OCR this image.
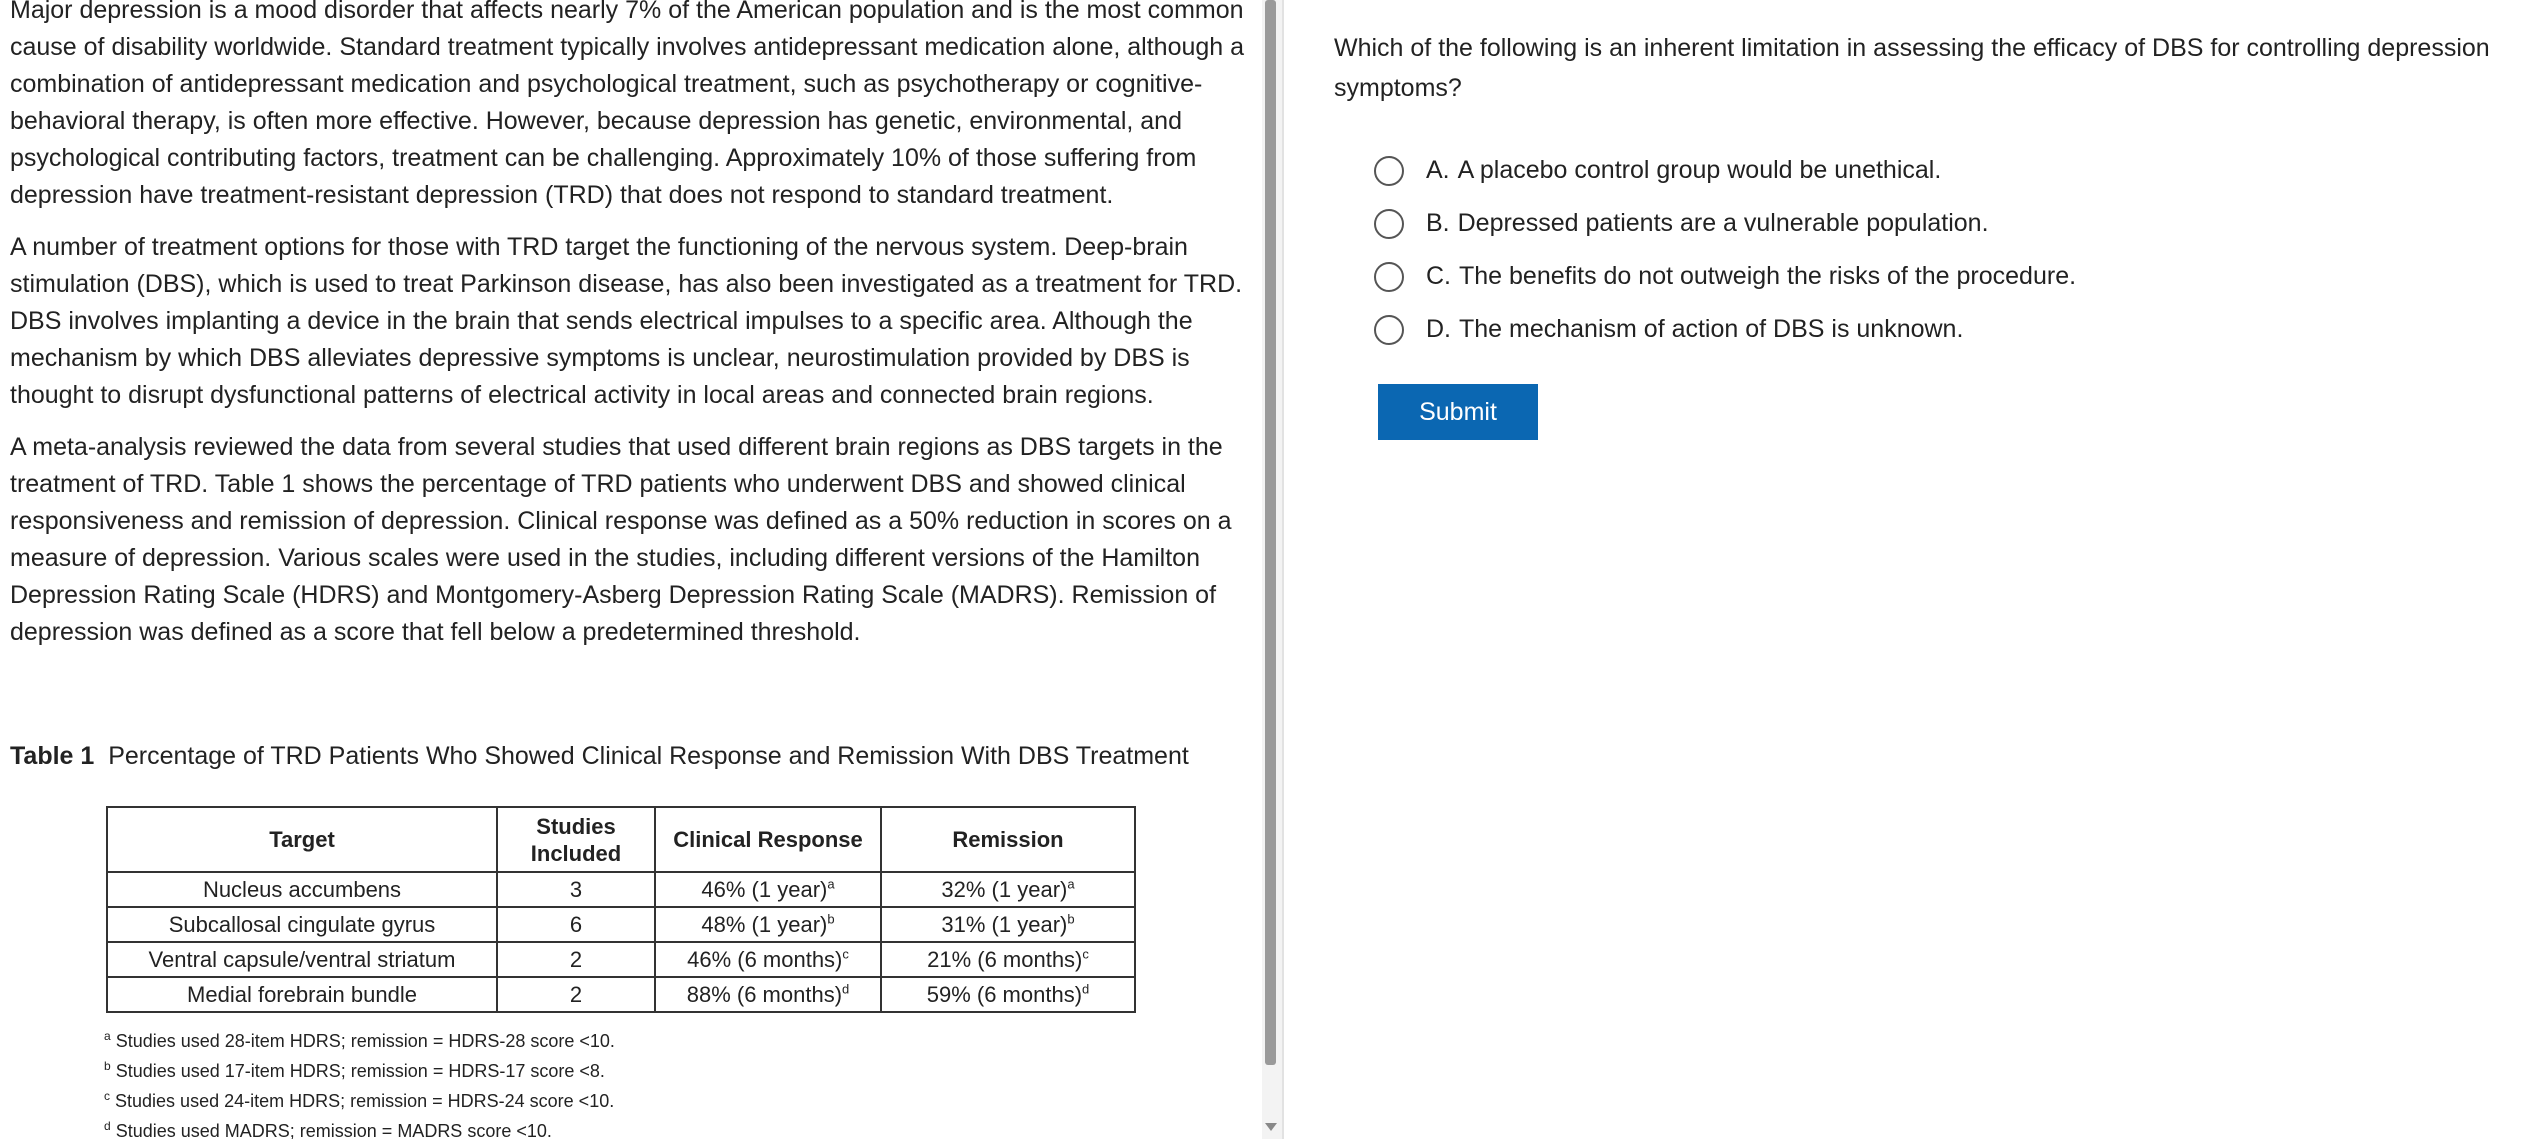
Major depression is a mood disorder that affects nearly 7% of the American population and is the most common cause of disability worldwide. Standard treatment typically involves antidepressant medication alone, although a combination of antidepressant medication and psychological treatment, such as psychotherapy or cognitive-behavioral therapy, is often more effective. However, because depression has genetic, environmental, and psychological contributing factors, treatment can be challenging. Approximately 10% of those suffering from depression have treatment-resistant depression (TRD) that does not respond to standard treatment.

A number of treatment options for those with TRD target the functioning of the nervous system. Deep-brain stimulation (DBS), which is used to treat Parkinson disease, has also been investigated as a treatment for TRD. DBS involves implanting a device in the brain that sends electrical impulses to a specific area. Although the mechanism by which DBS alleviates depressive symptoms is unclear, neurostimulation provided by DBS is thought to disrupt dysfunctional patterns of electrical activity in local areas and connected brain regions.

A meta-analysis reviewed the data from several studies that used different brain regions as DBS targets in the treatment of TRD. Table 1 shows the percentage of TRD patients who underwent DBS and showed clinical responsiveness and remission of depression. Clinical response was defined as a 50% reduction in scores on a measure of depression. Various scales were used in the studies, including different versions of the Hamilton Depression Rating Scale (HDRS) and Montgomery-Asberg Depression Rating Scale (MADRS). Remission of depression was defined as a score that fell below a predetermined threshold.

Table 1 Percentage of TRD Patients Who Showed Clinical Response and Remission With DBS Treatment
Target	Studies Included	Clinical Response	Remission
Nucleus accumbens	3	46% (1 year)$^a$	32% (1 year)$^a$
Subcallosal cingulate gyrus	6	48% (1 year)$^b$	31% (1 year)$^b$
Ventral capsule/ventral striatum	2	46% (6 months)$^c$	21% (6 months)$^c$
Medial forebrain bundle	2	88% (6 months)$^d$	59% (6 months)$^d$
$^a$ Studies used 28-item HDRS; remission = HDRS-28 score <10.
$^b$ Studies used 17-item HDRS; remission = HDRS-17 score <8.
$^c$ Studies used 24-item HDRS; remission = HDRS-24 score <10.
$^d$ Studies used MADRS; remission = MADRS score <10.
Which of the following is an inherent limitation in assessing the efficacy of DBS for controlling depression symptoms?
A. A placebo control group would be unethical.
B. Depressed patients are a vulnerable population.
C. The benefits do not outweigh the risks of the procedure.
D. The mechanism of action of DBS is unknown.
Submit
